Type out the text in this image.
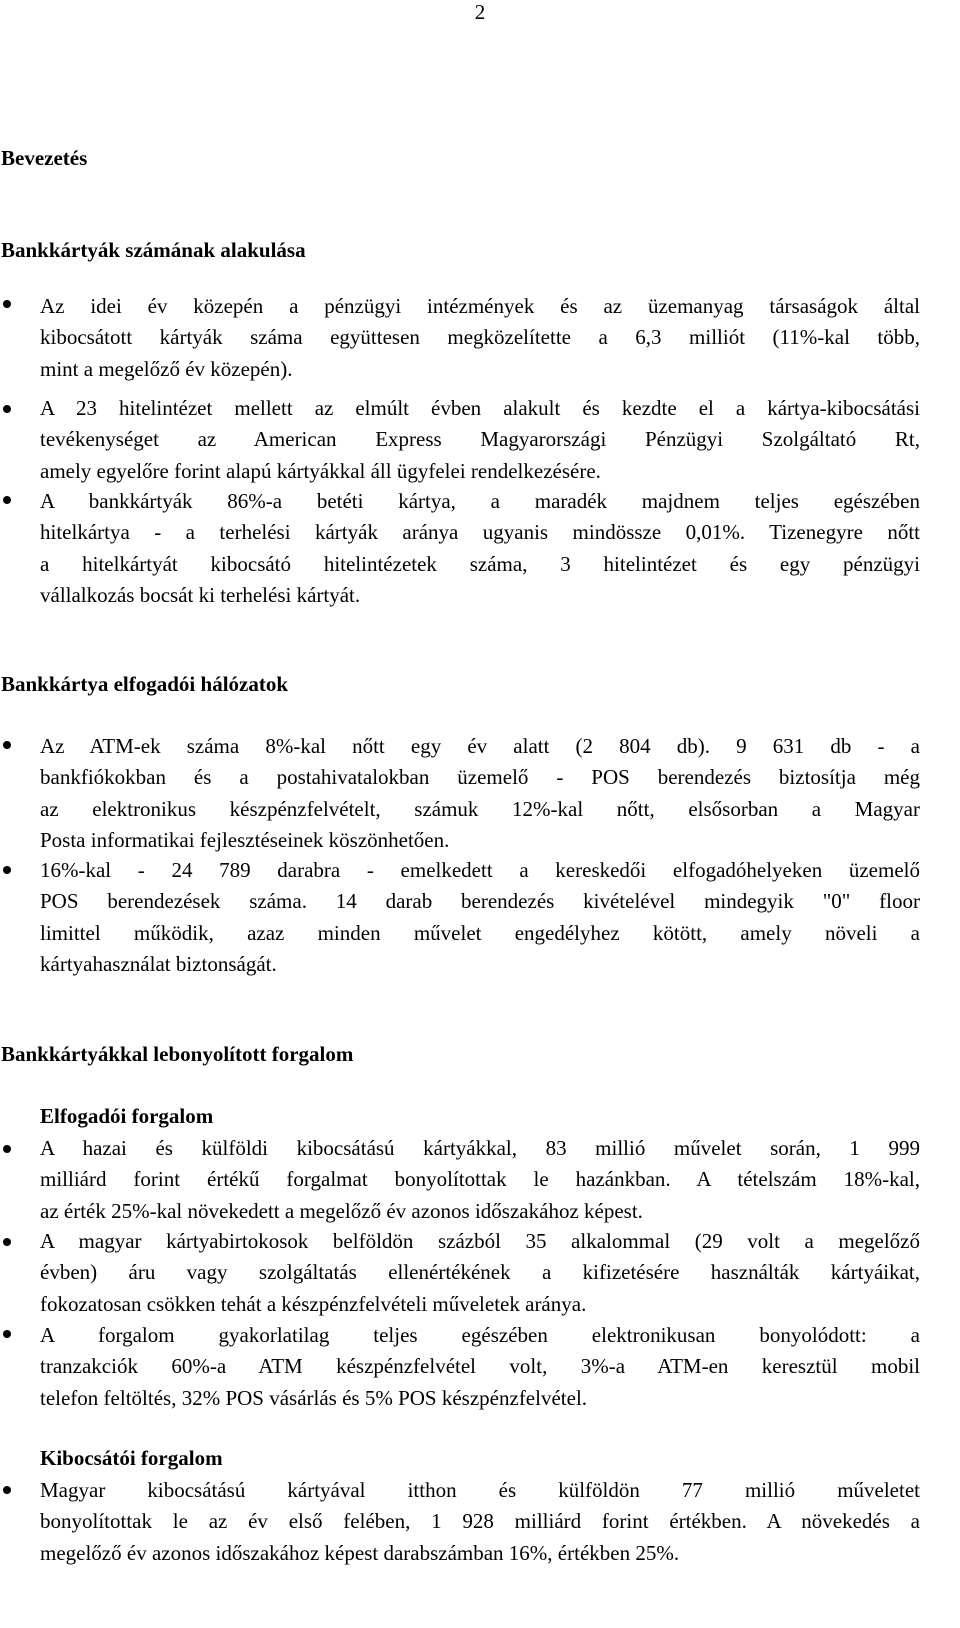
2
Bevezetés
Bankkártyák számának alakulása
Az idei év közepén a pénzügyi intézmények és az üzemanyag társaságok által
kibocsátott kártyák száma együttesen megközelítette a 6,3 milliót (11%-kal több,
mint a megelőző év közepén).
A 23 hitelintézet mellett az elmúlt évben alakult és kezdte el a kártya-kibocsátási
tevékenységet az American Express Magyarországi Pénzügyi Szolgáltató Rt,
amely egyelőre forint alapú kártyákkal áll ügyfelei rendelkezésére.
A bankkártyák 86%-a betéti kártya, a maradék majdnem teljes egészében
hitelkártya - a terhelési kártyák aránya ugyanis mindössze 0,01%. Tizenegyre nőtt
a hitelkártyát kibocsátó hitelintézetek száma, 3 hitelintézet és egy pénzügyi
vállalkozás bocsát ki terhelési kártyát.
Bankkártya elfogadói hálózatok
Az ATM-ek száma 8%-kal nőtt egy év alatt (2 804 db). 9 631 db - a
bankfiókokban és a postahivatalokban üzemelő - POS berendezés biztosítja még
az elektronikus készpénzfelvételt, számuk 12%-kal nőtt, elsősorban a Magyar
Posta informatikai fejlesztéseinek köszönhetően.
16%-kal - 24 789 darabra - emelkedett a kereskedői elfogadóhelyeken üzemelő
POS berendezések száma. 14 darab berendezés kivételével mindegyik "0" floor
limittel működik, azaz minden művelet engedélyhez kötött, amely növeli a
kártyahasználat biztonságát.
Bankkártyákkal lebonyolított forgalom
Elfogadói forgalom
A hazai és külföldi kibocsátású kártyákkal, 83 millió művelet során, 1 999
milliárd forint értékű forgalmat bonyolítottak le hazánkban. A tételszám 18%-kal,
az érték 25%-kal növekedett a megelőző év azonos időszakához képest.
A magyar kártyabirtokosok belföldön százból 35 alkalommal (29 volt a megelőző
évben) áru vagy szolgáltatás ellenértékének a kifizetésére használták kártyáikat,
fokozatosan csökken tehát a készpénzfelvételi műveletek aránya.
A forgalom gyakorlatilag teljes egészében elektronikusan bonyolódott: a
tranzakciók 60%-a ATM készpénzfelvétel volt, 3%-a ATM-en keresztül mobil
telefon feltöltés, 32% POS vásárlás és 5% POS készpénzfelvétel.
Kibocsátói forgalom
Magyar kibocsátású kártyával itthon és külföldön 77 millió műveletet
bonyolítottak le az év első felében, 1 928 milliárd forint értékben. A növekedés a
megelőző év azonos időszakához képest darabszámban 16%, értékben 25%.
